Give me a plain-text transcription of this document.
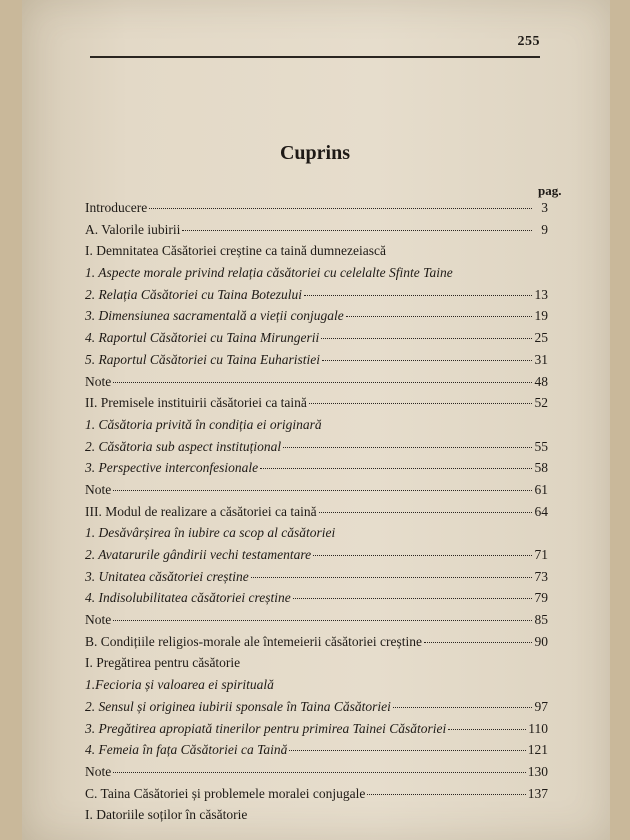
255
Cuprins
pag.
Introducere	3
A. Valorile iubirii	9
I. Demnitatea Căsătoriei creștine ca taină dumnezeiască
1. Aspecte morale privind relația căsătoriei cu celelalte Sfinte Taine
2. Relația Căsătoriei cu Taina Botezului	13
3. Dimensiunea sacramentală a vieții conjugale	19
4. Raportul Căsătoriei cu Taina Mirungerii	25
5. Raportul Căsătoriei cu Taina Euharistiei	31
Note	48
II. Premisele instituirii căsătoriei ca taină	52
1. Căsătoria privită în condiția ei originară
2. Căsătoria sub aspect instituțional	55
3. Perspective interconfesionale	58
Note	61
III. Modul de realizare a căsătoriei ca taină	64
1. Desăvârșirea în iubire ca scop al căsătoriei
2. Avatarurile gândirii vechi testamentare	71
3. Unitatea căsătoriei creștine	73
4. Indisolubilitatea căsătoriei creștine	79
Note	85
B. Condițiile religios-morale ale întemeierii căsătoriei creștine	90
I. Pregătirea pentru căsătorie
1.Fecioria și valoarea ei spirituală
2. Sensul și originea iubirii sponsale în Taina Căsătoriei	97
3. Pregătirea apropiată tinerilor pentru primirea Tainei Căsătoriei	110
4. Femeia în fața Căsătoriei ca Taină	121
Note	130
C. Taina Căsătoriei și problemele moralei conjugale	137
I. Datoriile soților în căsătorie
